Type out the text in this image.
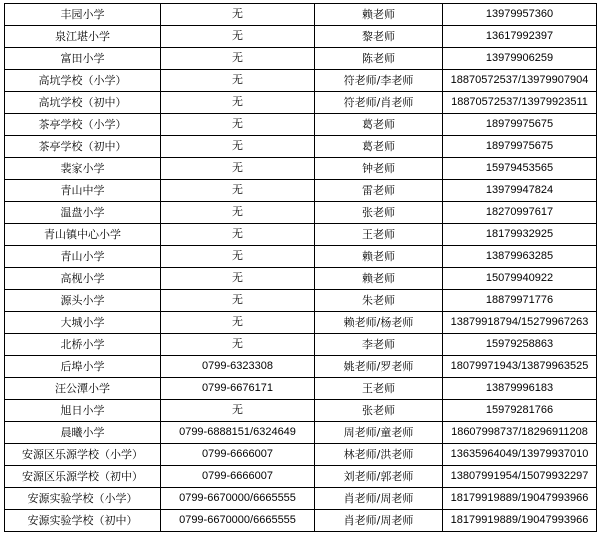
丰园小学	无	赖老师	13979957360
泉江堪小学	无	黎老师	13617992397
富田小学	无	陈老师	13979906259
高坑学校（小学）	无	符老师/李老师	18870572537/13979907904
高坑学校（初中）	无	符老师/肖老师	18870572537/13979923511
茶亭学校（小学）	无	葛老师	18979975675
茶亭学校（初中）	无	葛老师	18979975675
裴家小学	无	钟老师	15979453565
青山中学	无	雷老师	13979947824
温盘小学	无	张老师	18270997617
青山镇中心小学	无	王老师	18179932925
青山小学	无	赖老师	13879963285
高枧小学	无	赖老师	15079940922
源头小学	无	朱老师	18879971776
大城小学	无	赖老师/杨老师	13879918794/15279967263
北桥小学	无	李老师	15979258863
后埠小学	0799-6323308	姚老师/罗老师	18079971943/13879963525
汪公潭小学	0799-6676171	王老师	13879996183
旭日小学	无	张老师	15979281766
晨曦小学	0799-6888151/6324649	周老师/童老师	18607998737/18296911208
安源区乐源学校（小学）	0799-6666007	林老师/洪老师	13635964049/13979937010
安源区乐源学校（初中）	0799-6666007	刘老师/郭老师	13807991954/15079932297
安源实验学校（小学）	0799-6670000/6665555	肖老师/周老师	18179919889/19047993966
安源实验学校（初中）	0799-6670000/6665555	肖老师/周老师	18179919889/19047993966
